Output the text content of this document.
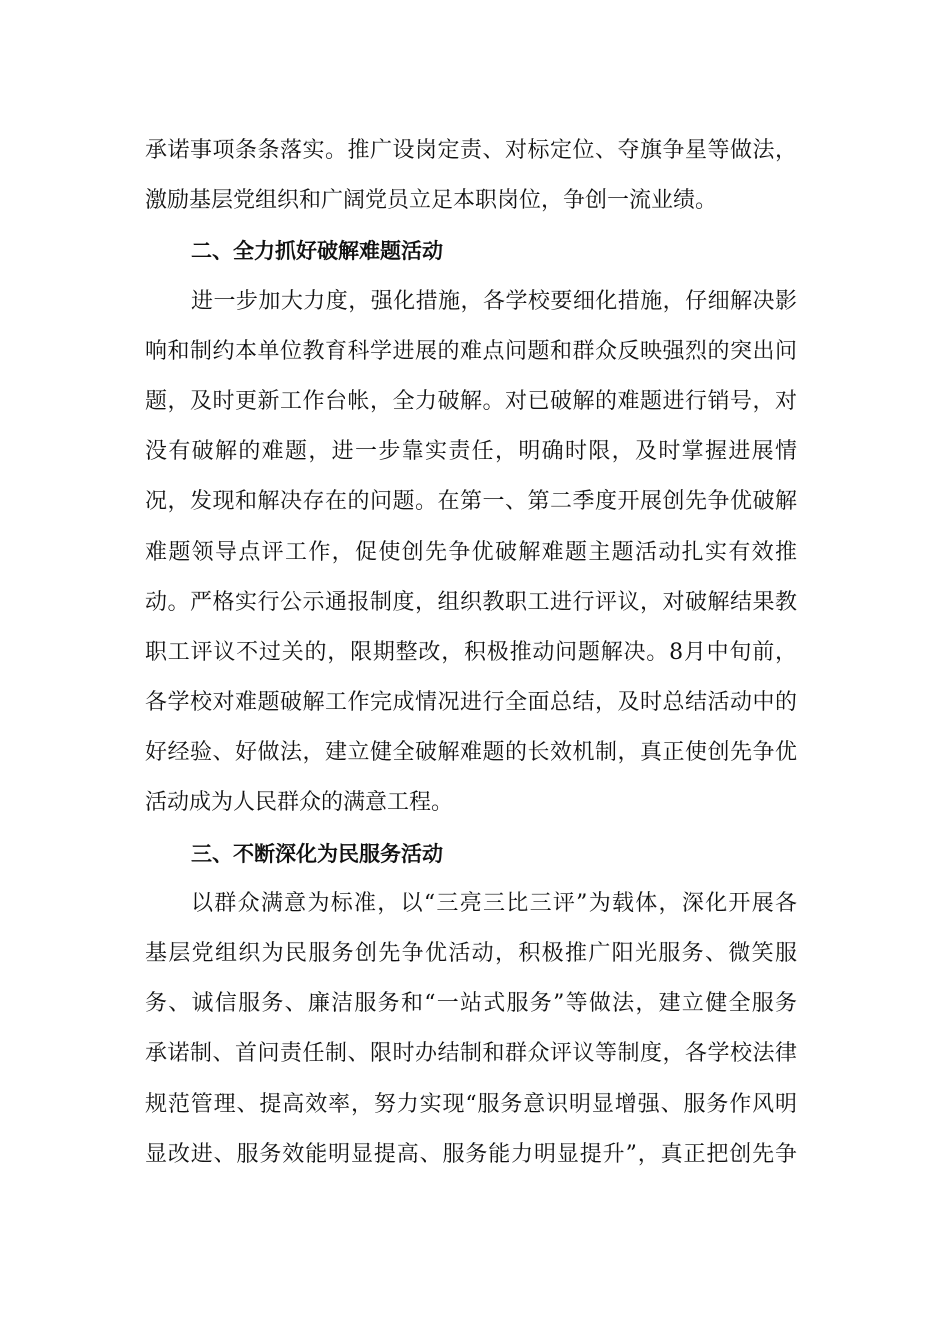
承诺事项条条落实。推广设岗定责、对标定位、夺旗争星等做法，
激励基层党组织和广阔党员立足本职岗位，争创一流业绩。
二、全力抓好破解难题活动
进一步加大力度，强化措施，各学校要细化措施，仔细解决影
响和制约本单位教育科学进展的难点问题和群众反映强烈的突出问
题，及时更新工作台帐，全力破解。对已破解的难题进行销号，对
没有破解的难题，进一步靠实责任，明确时限，及时掌握进展情
况，发现和解决存在的问题。在第一、第二季度开展创先争优破解
难题领导点评工作，促使创先争优破解难题主题活动扎实有效推
动。严格实行公示通报制度，组织教职工进行评议，对破解结果教
职工评议不过关的，限期整改，积极推动问题解决。8月中旬前，
各学校对难题破解工作完成情况进行全面总结，及时总结活动中的
好经验、好做法，建立健全破解难题的长效机制，真正使创先争优
活动成为人民群众的满意工程。
三、不断深化为民服务活动
以群众满意为标准，以“三亮三比三评”为载体，深化开展各
基层党组织为民服务创先争优活动，积极推广阳光服务、微笑服
务、诚信服务、廉洁服务和“一站式服务”等做法，建立健全服务
承诺制、首问责任制、限时办结制和群众评议等制度，各学校法律
规范管理、提高效率，努力实现“服务意识明显增强、服务作风明
显改进、服务效能明显提高、服务能力明显提升”，真正把创先争
